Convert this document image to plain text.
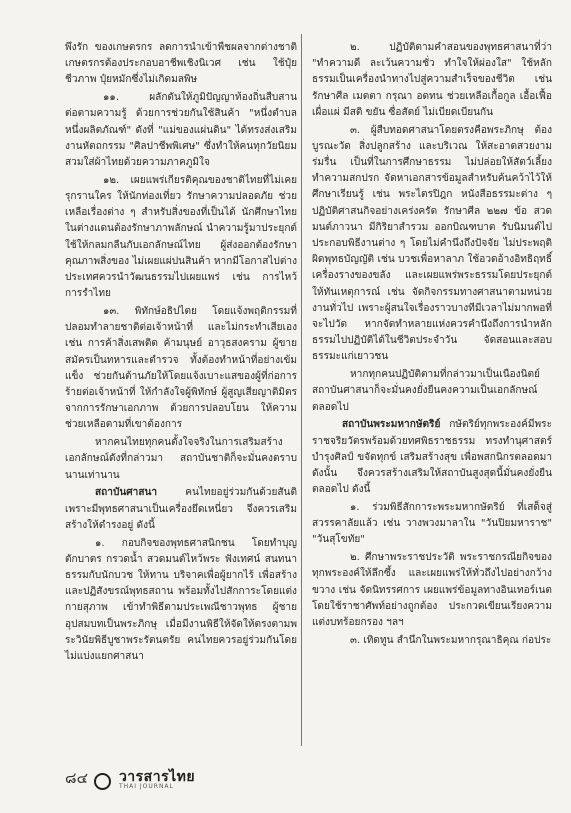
พึงรัก ของเกษตรกร ลดการนำเข้าพืชผลจากต่างชาติ เกษตรกรต้องประกอบอาชีพเชิงนิเวศ เช่น ใช้ปุ๋ยชีวภาพ ปุ๋ยหมักซึ่งไม่เกิดมลพิษ

๑๑. ผลักดันให้ภูมิปัญญาท้องถิ่นสืบสานต่อตามความรู้ ด้วยการช่วยกันใช้สินค้า "หนึ่งตำบล หนึ่งผลิตภัณฑ์" ดังที่ "แม่ของแผ่นดิน" ได้ทรงส่งเสริมงานหัตถกรรม "ศิลปาชีพพิเศษ" ซึ่งทำให้คนทุกวัยนิยมสวมใส่ผ้าไทยด้วยความภาคภูมิใจ

๑๒. เผยแพร่เกียรติคุณของชาติไทยที่ไม่เคยรุกรานใคร ให้นักท่องเที่ยว รักษาความปลอดภัย ช่วยเหลือเรื่องต่าง ๆ สำหรับสิ่งของที่เป็นได้ นักศึกษาไทยในต่างแดนต้องรักษาภาพลักษณ์ นำความรู้มาประยุกต์ใช้ให้กลมกลืนกับเอกลักษณ์ไทย ผู้ส่งออกต้องรักษาคุณภาพสิ่งของ ไม่เผยแผ่ปนสินค้า หากมีโอกาสไปต่างประเทศควรนำวัฒนธรรมไปเผยแพร่ เช่น การไหว้ การรำไทย

๑๓. พิทักษ์อธิปไตย โดยแจ้งพฤติกรรมที่ปลอมทำลายชาติต่อเจ้าหน้าที่ และไม่กระทำเสียเอง เช่น การค้าสิ่งเสพติด ค้ามนุษย์ อาวุธสงคราม ผู้ขายสมัครเป็นทหารและตำรวจ ทั้งต้องทำหน้าที่อย่างเข้มแข็ง ช่วยกันต้านภัยให้โดยแจ้งเบาะแสของผู้ที่ก่อการร้ายต่อเจ้าหน้าที่ ให้กำลังใจผู้พิทักษ์ ผู้สูญเสียญาติมิตรจากการรักษาเอกภาพ ด้วยการปลอบโยน ให้ความช่วยเหลือตามที่เขาต้องการ

หากคนไทยทุกคนตั้งใจจริงในการเสริมสร้างเอกลักษณ์ดังที่กล่าวมา สถาบันชาติก็จะมั่นคงตราบนานเท่านาน

สถาบันศาสนา	คนไทยอยู่ร่วมกันด้วยสันติ เพราะมีพุทธศาสนาเป็นเครื่องยึดเหนี่ยว จึงควรเสริมสร้างให้ดำรงอยู่ ดังนี้

๑. กอบกิจของพุทธศาสนิกชน โดยทำบุญตักบาตร กรวดน้ำ สวดมนต์ไหว้พระ ฟังเทศน์ สนทนาธรรมกับนักบวช ให้ทาน บริจาคเพื่อผู้ยากไร้ เพื่อสร้างและปฏิสังขรณ์พุทธสถาน พร้อมทั้งไปสักการะโดยแต่งกายสุภาพ เข้าทำพิธีตามประเพณีชาวพุทธ ผู้ชายอุปสมบทเป็นพระภิกษุ เมื่อมีงานพิธีให้จัดให้ตรงตามพระวินัยพิธีบูชาพระรัตนตรัย คนไทยควรอยู่ร่วมกันโดยไม่แบ่งแยกศาสนา

๒. ปฏิบัติตามคำสอนของพุทธศาสนาที่ว่า "ทำความดี ละเว้นความชั่ว ทำใจให้ผ่องใส" ใช้หลักธรรมเป็นเครื่องนำทางไปสู่ความสำเร็จของชีวิต เช่น รักษาศีล เมตตา กรุณา อดทน ช่วยเหลือเกื้อกูล เอื้อเฟื้อเผื่อแผ่ มีสติ ขยัน ซื่อสัตย์ ไม่เบียดเบียนกัน

๓. ผู้สืบทอดศาสนาโดยตรงคือพระภิกษุ ต้องบูรณะวัด สิ่งปลูกสร้าง และบริเวณ ให้สะอาดสวยงามร่มรื่น เป็นที่ในการศึกษาธรรม ไม่ปล่อยให้สัตว์เลี้ยงทำความสกปรก จัดหาเอกสารข้อมูลสำหรับค้นคว้าไว้ให้ศึกษาเรียนรู้ เช่น พระไตรปิฎก หนังสือธรรมะต่าง ๆ ปฏิบัติศาสนกิจอย่างเคร่งครัด รักษาศีล ๒๒๗ ข้อ สวดมนต์ภาวนา มีกิริยาสำรวม ออกบิณฑบาต รับนิมนต์ไปประกอบพิธีงานต่าง ๆ โดยไม่คำนึงถึงปัจจัย ไม่ประพฤติผิดพุทธบัญญัติ เช่น บวชเพื่อหาลาภ ใช้อวดอ้างอิทธิฤทธิ์ เครื่องรางของขลัง และเผยแพร่พระธรรมโดยประยุกต์ให้ทันเหตุการณ์ เช่น จัดกิจกรรมทางศาสนาตามหน่วยงานทั่วไป เพราะผู้สนใจเรื่องราวบางทีมีเวลาไม่มากพอที่จะไปวัด หากจัดทำหลายแห่งควรคำนึงถึงการนำหลักธรรมไปปฏิบัติได้ในชีวิตประจำวัน จัดสอนและสอบธรรมะแก่เยาวชน

หากทุกคนปฏิบัติตามที่กล่าวมาเป็นเนืองนิตย์ สถาบันศาสนาก็จะมั่นคงยั่งยืนคงความเป็นเอกลักษณ์ตลอดไป

สถาบันพระมหากษัตริย์ กษัตริย์ทุกพระองค์มีพระราชจริยวัตรพร้อมด้วยทศพิธราชธรรม ทรงทำนุศาสตร์ บำรุงศิลป์ ขจัดทุกข์ เสริมสร้างสุข เพื่อพสกนิกรตลอดมา ดังนั้น จึงควรสร้างเสริมให้สถาบันสูงสุดนี้มั่นคงยั่งยืนตลอดไป ดังนี้

๑. ร่วมพิธีสักการะพระมหากษัตริย์ ที่เสด็จสู่สวรรคาลัยแล้ว เช่น วางพวงมาลาใน "วันปิยมหาราช" "วันสุโขทัย"

๒. ศึกษาพระราชประวัติ พระราชกรณียกิจของทุกพระองค์ให้ลึกซึ้ง และเผยแพร่ให้ทั่วถึงไปอย่างกว้างขวาง เช่น จัดนิทรรศการ เผยแพร่ข้อมูลทางอินเทอร์เนต โดยใช้ราชาศัพท์อย่างถูกต้อง ประกวดเขียนเรียงความ แต่งบทร้อยกรอง ฯลฯ

๓. เทิดทูน สำนึกในพระมหากรุณาธิคุณ ก่อประ

๘๔ วารสารไทย
THAI JOURNAL
